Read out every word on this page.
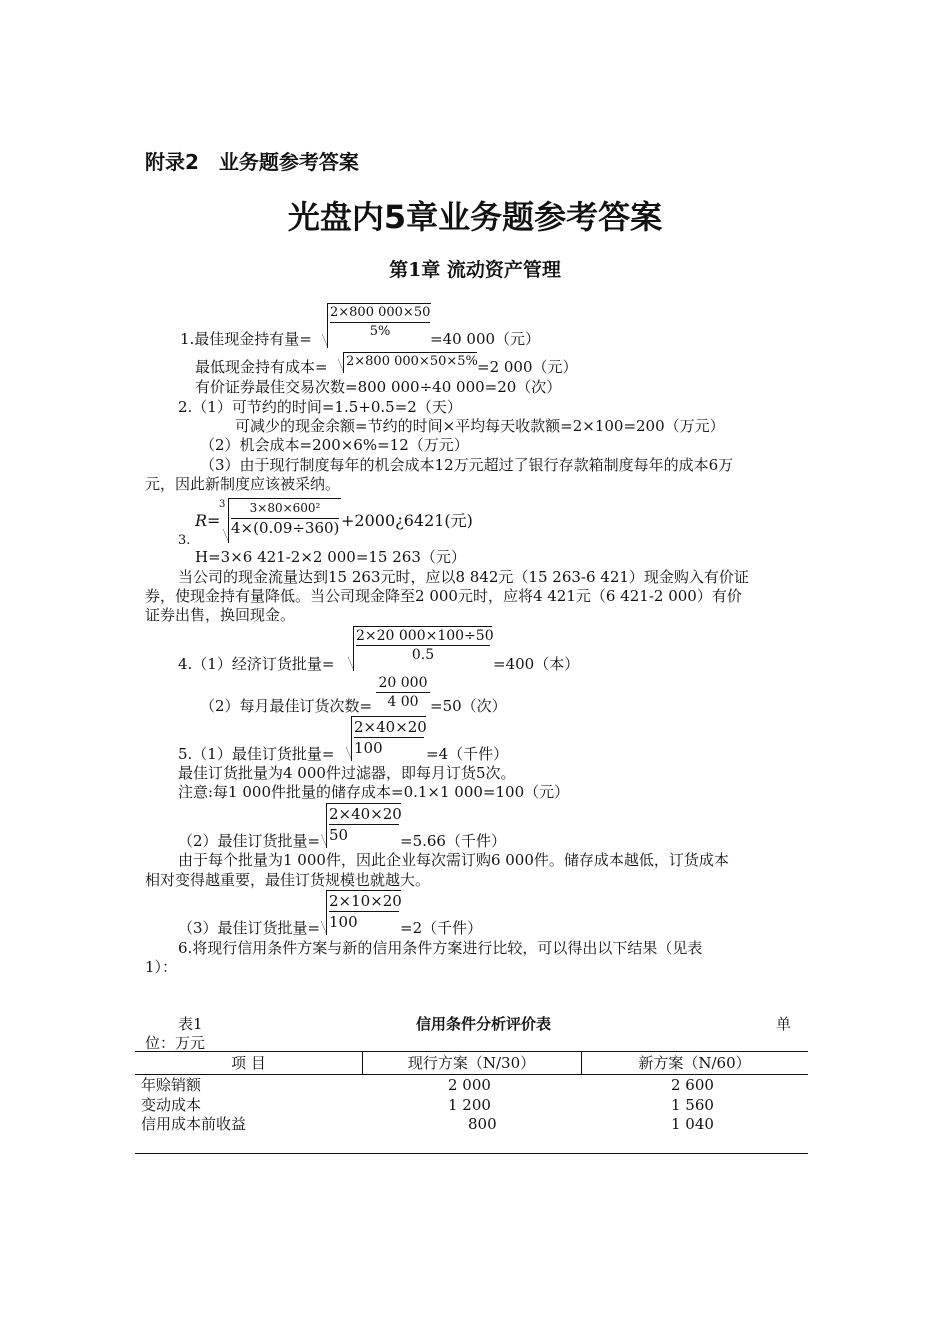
附录2　业务题参考答案
光盘内5章业务题参考答案
第1章 流动资产管理
1.最佳现金持有量=
2×800 000×50
5%	=40 000（元）
最低现金持有成本= 2×800 000×50×5% =2 000（元）
有价证券最佳交易次数=800 000÷40 000=20（次）
2.（1）可节约的时间=1.5+0.5=2（天）
可减少的现金余额=节约的时间×平均每天收款额=2×100=200（万元）
（2）机会成本=200×6%=12（万元）
（3）由于现行制度每年的机会成本12万元超过了银行存款箱制度每年的成本6万
元，因此新制度应该被采纳。
R=
3	3×80×600²
4×(0.09÷360) +2000¿6421(元)
3.
H=3×6 421-2×2 000=15 263（元）
当公司的现金流量达到15 263元时，应以8 842元（15 263-6 421）现金购入有价证
券，使现金持有量降低。当公司现金降至2 000元时，应将4 421元（6 421-2 000）有价
证券出售，换回现金。
4.（1）经济订货批量=
2×20 000×100÷50
0.5	=400（本）
（2）每月最佳订货次数=
20 000
4 00 =50（次）
5.（1）最佳订货批量=
2×40×20
100	=4（千件）
最佳订货批量为4 000件过滤器，即每月订货5次。
注意:每1 000件批量的储存成本=0.1×1 000=100（元）
（2）最佳订货批量=
2×40×20
50	=5.66（千件）
由于每个批量为1 000件，因此企业每次需订购6 000件。储存成本越低，订货成本
相对变得越重要，最佳订货规模也就越大。
（3）最佳订货批量=
2×10×20
100	=2（千件）
6.将现行信用条件方案与新的信用条件方案进行比较，可以得出以下结果（见表
1）：
表1	信用条件分析评价表	单
位：万元
项 目	现行方案（N/30）	新方案（N/60）
年赊销额	2 000	2 600
变动成本	1 200	1 560
信用成本前收益	800	1 040
